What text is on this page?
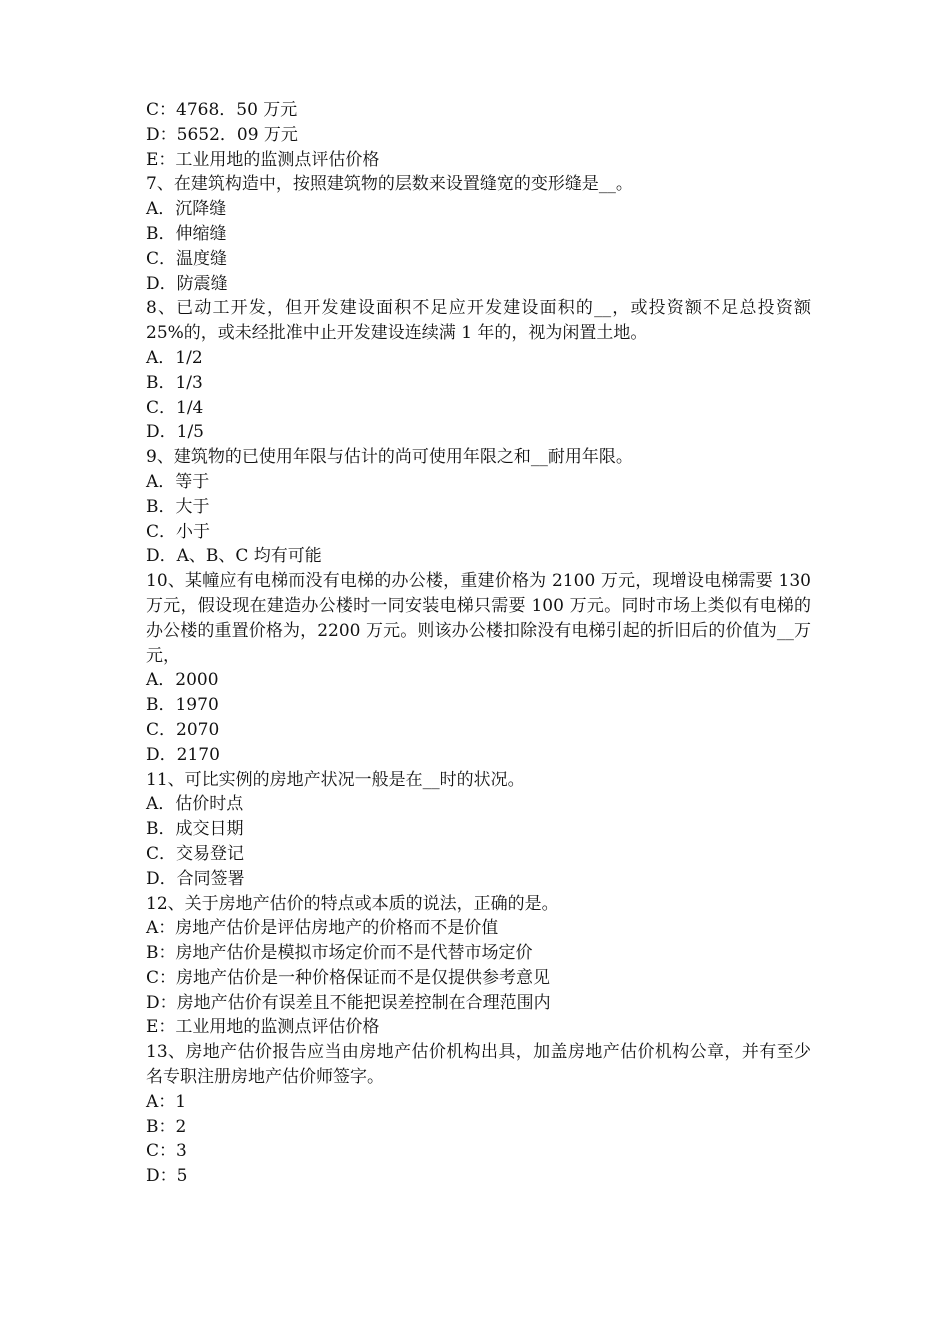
C：4768．50 万元

D：5652．09 万元

E：工业用地的监测点评估价格

7、在建筑构造中，按照建筑物的层数来设置缝宽的变形缝是__。

A．沉降缝

B．伸缩缝

C．温度缝

D．防震缝

8、已动工开发，但开发建设面积不足应开发建设面积的__，或投资额不足总投资额 25%的，或未经批准中止开发建设连续满 1 年的，视为闲置土地。

A．1/2

B．1/3

C．1/4

D．1/5

9、建筑物的已使用年限与估计的尚可使用年限之和__耐用年限。

A．等于

B．大于

C．小于

D．A、B、C 均有可能

10、某幢应有电梯而没有电梯的办公楼，重建价格为 2100 万元，现增设电梯需要 130 万元，假设现在建造办公楼时一同安装电梯只需要 100 万元。同时市场上类似有电梯的办公楼的重置价格为，2200 万元。则该办公楼扣除没有电梯引起的折旧后的价值为__万元，

A．2000

B．1970

C．2070

D．2170

11、可比实例的房地产状况一般是在__时的状况。

A．估价时点

B．成交日期

C．交易登记

D．合同签署

12、关于房地产估价的特点或本质的说法，正确的是。

A：房地产估价是评估房地产的价格而不是价值

B：房地产估价是模拟市场定价而不是代替市场定价

C：房地产估价是一种价格保证而不是仅提供参考意见

D：房地产估价有误差且不能把误差控制在合理范围内

E：工业用地的监测点评估价格

13、房地产估价报告应当由房地产估价机构出具，加盖房地产估价机构公章，并有至少名专职注册房地产估价师签字。

A：1

B：2

C：3

D：5
